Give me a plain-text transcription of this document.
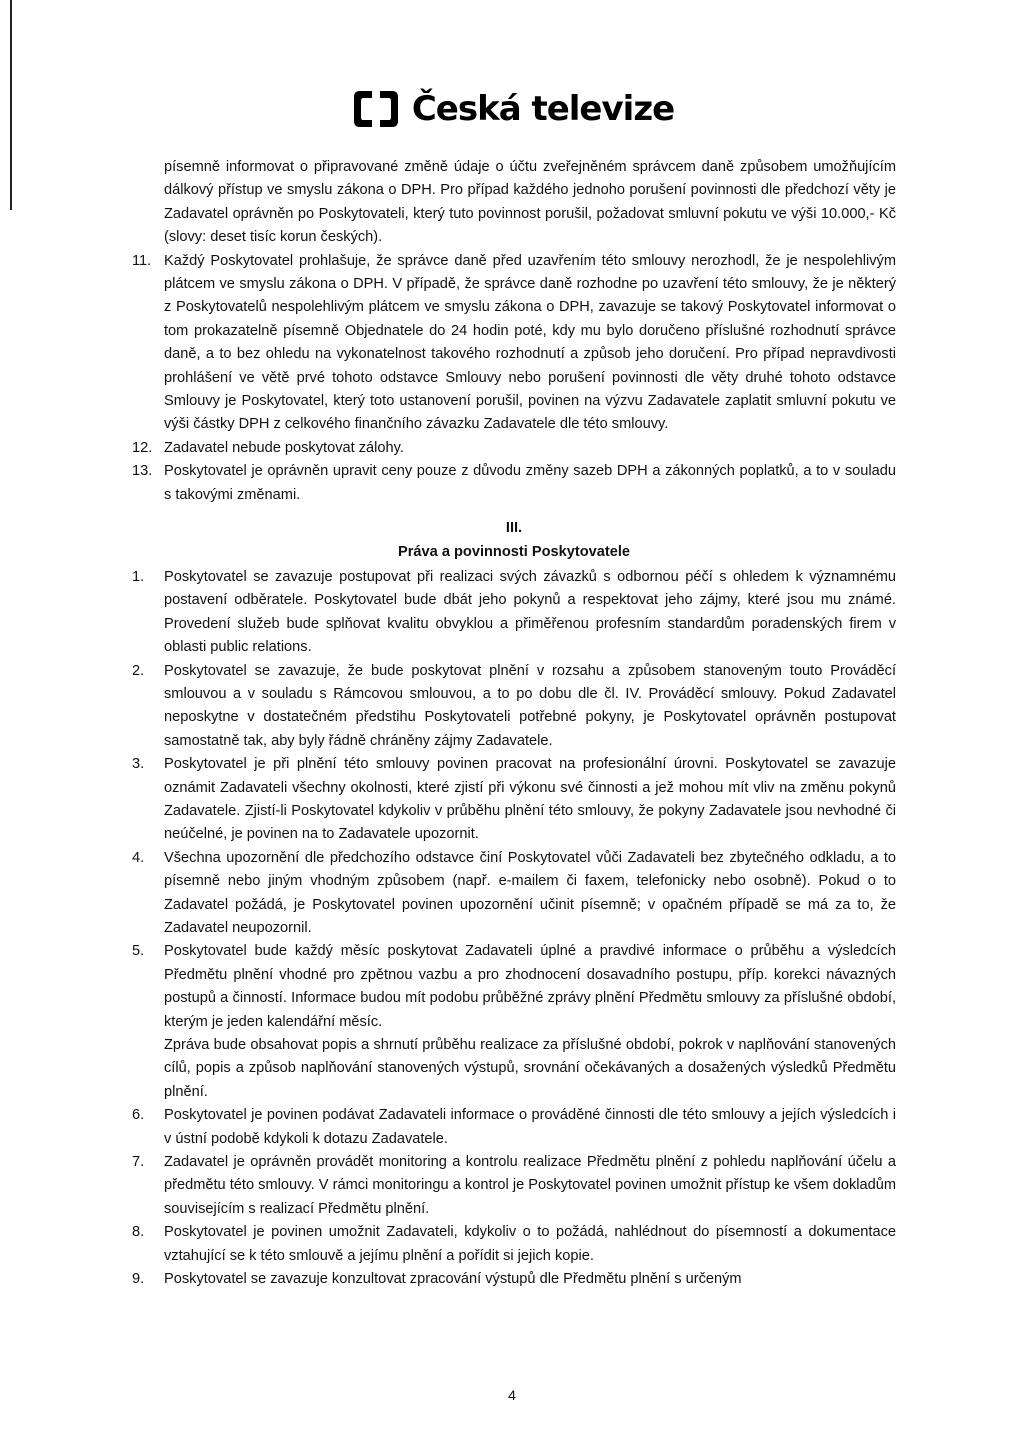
Česká televize
písemně informovat o připravované změně údaje o účtu zveřejněném správcem daně způsobem umožňujícím dálkový přístup ve smyslu zákona o DPH. Pro případ každého jednoho porušení povinnosti dle předchozí věty je Zadavatel oprávněn po Poskytovateli, který tuto povinnost porušil, požadovat smluvní pokutu ve výši 10.000,- Kč (slovy: deset tisíc korun českých).
11. Každý Poskytovatel prohlašuje, že správce daně před uzavřením této smlouvy nerozhodl, že je nespolehlivým plátcem ve smyslu zákona o DPH. V případě, že správce daně rozhodne po uzavření této smlouvy, že je některý z Poskytovatelů nespolehlivým plátcem ve smyslu zákona o DPH, zavazuje se takový Poskytovatel informovat o tom prokazatelně písemně Objednatele do 24 hodin poté, kdy mu bylo doručeno příslušné rozhodnutí správce daně, a to bez ohledu na vykonatelnost takového rozhodnutí a způsob jeho doručení. Pro případ nepravdivosti prohlášení ve větě prvé tohoto odstavce Smlouvy nebo porušení povinnosti dle věty druhé tohoto odstavce Smlouvy je Poskytovatel, který toto ustanovení porušil, povinen na výzvu Zadavatele zaplatit smluvní pokutu ve výši částky DPH z celkového finančního závazku Zadavatele dle této smlouvy.
12. Zadavatel nebude poskytovat zálohy.
13. Poskytovatel je oprávněn upravit ceny pouze z důvodu změny sazeb DPH a zákonných poplatků, a to v souladu s takovými změnami.
III.
Práva a povinnosti Poskytovatele
1. Poskytovatel se zavazuje postupovat při realizaci svých závazků s odbornou péčí s ohledem k významnému postavení odběratele. Poskytovatel bude dbát jeho pokynů a respektovat jeho zájmy, které jsou mu známé. Provedení služeb bude splňovat kvalitu obvyklou a přiměřenou profesním standardům poradenských firem v oblasti public relations.
2. Poskytovatel se zavazuje, že bude poskytovat plnění v rozsahu a způsobem stanoveným touto Prováděcí smlouvou a v souladu s Rámcovou smlouvou, a to po dobu dle čl. IV. Prováděcí smlouvy. Pokud Zadavatel neposkytne v dostatečném předstihu Poskytovateli potřebné pokyny, je Poskytovatel oprávněn postupovat samostatně tak, aby byly řádně chráněny zájmy Zadavatele.
3. Poskytovatel je při plnění této smlouvy povinen pracovat na profesionální úrovni. Poskytovatel se zavazuje oznámit Zadavateli všechny okolnosti, které zjistí při výkonu své činnosti a jež mohou mít vliv na změnu pokynů Zadavatele. Zjistí-li Poskytovatel kdykoliv v průběhu plnění této smlouvy, že pokyny Zadavatele jsou nevhodné či neúčelné, je povinen na to Zadavatele upozornit.
4. Všechna upozornění dle předchozího odstavce činí Poskytovatel vůči Zadavateli bez zbytečného odkladu, a to písemně nebo jiným vhodným způsobem (např. e-mailem či faxem, telefonicky nebo osobně). Pokud o to Zadavatel požádá, je Poskytovatel povinen upozornění učinit písemně; v opačném případě se má za to, že Zadavatel neupozornil.
5. Poskytovatel bude každý měsíc poskytovat Zadavateli úplné a pravdivé informace o průběhu a výsledcích Předmětu plnění vhodné pro zpětnou vazbu a pro zhodnocení dosavadního postupu, příp. korekci návazných postupů a činností. Informace budou mít podobu průběžné zprávy plnění Předmětu smlouvy za příslušné období, kterým je jeden kalendářní měsíc.
Zpráva bude obsahovat popis a shrnutí průběhu realizace za příslušné období, pokrok v naplňování stanovených cílů, popis a způsob naplňování stanovených výstupů, srovnání očekávaných a dosažených výsledků Předmětu plnění.
6. Poskytovatel je povinen podávat Zadavateli informace o prováděné činnosti dle této smlouvy a jejích výsledcích i v ústní podobě kdykoli k dotazu Zadavatele.
7. Zadavatel je oprávněn provádět monitoring a kontrolu realizace Předmětu plnění z pohledu naplňování účelu a předmětu této smlouvy. V rámci monitoringu a kontrol je Poskytovatel povinen umožnit přístup ke všem dokladům souvisejícím s realizací Předmětu plnění.
8. Poskytovatel je povinen umožnit Zadavateli, kdykoliv o to požádá, nahlédnout do písemností a dokumentace vztahující se k této smlouvě a jejímu plnění a pořídit si jejich kopie.
9. Poskytovatel se zavazuje konzultovat zpracování výstupů dle Předmětu plnění s určeným
4
